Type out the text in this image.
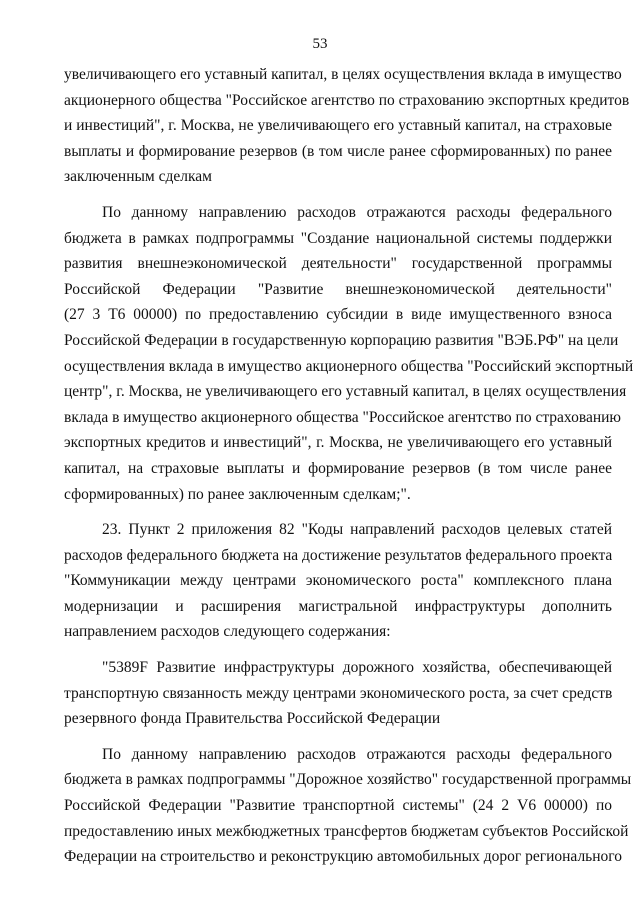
53
увеличивающего его уставный капитал, в целях осуществления вклада в имущество
акционерного общества "Российское агентство по страхованию экспортных кредитов
и инвестиций", г. Москва, не увеличивающего его уставный капитал, на страховые
выплаты и формирование резервов (в том числе ранее сформированных) по ранее
заключенным сделкам
По данному направлению расходов отражаются расходы федерального
бюджета в рамках подпрограммы "Создание национальной системы поддержки
развития внешнеэкономической деятельности" государственной программы
Российской Федерации "Развитие внешнеэкономической деятельности"
(27 3 Т6 00000) по предоставлению субсидии в виде имущественного взноса
Российской Федерации в государственную корпорацию развития "ВЭБ.РФ" на цели
осуществления вклада в имущество акционерного общества "Российский экспортный
центр", г. Москва, не увеличивающего его уставный капитал, в целях осуществления
вклада в имущество акционерного общества "Российское агентство по страхованию
экспортных кредитов и инвестиций", г. Москва, не увеличивающего его уставный
капитал, на страховые выплаты и формирование резервов (в том числе ранее
сформированных) по ранее заключенным сделкам;".
23. Пункт 2 приложения 82 "Коды направлений расходов целевых статей
расходов федерального бюджета на достижение результатов федерального проекта
"Коммуникации между центрами экономического роста" комплексного плана
модернизации и расширения магистральной инфраструктуры дополнить
направлением расходов следующего содержания:
"5389F Развитие инфраструктуры дорожного хозяйства, обеспечивающей
транспортную связанность между центрами экономического роста, за счет средств
резервного фонда Правительства Российской Федерации
По данному направлению расходов отражаются расходы федерального
бюджета в рамках подпрограммы "Дорожное хозяйство" государственной программы
Российской Федерации "Развитие транспортной системы" (24 2 V6 00000) по
предоставлению иных межбюджетных трансфертов бюджетам субъектов Российской
Федерации на строительство и реконструкцию автомобильных дорог регионального
